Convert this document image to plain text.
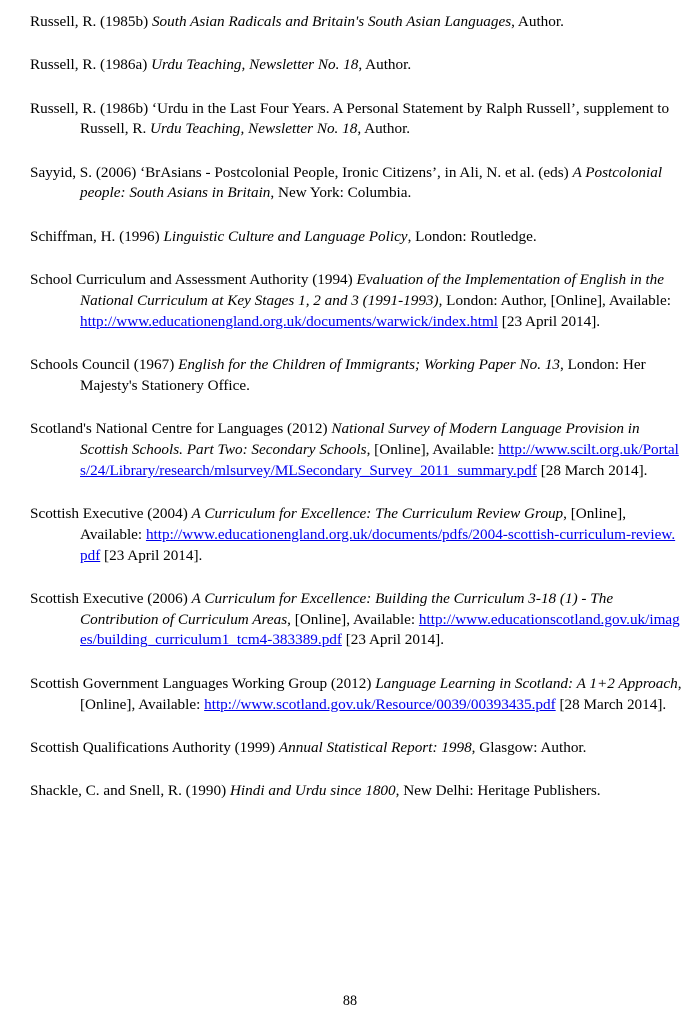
Russell, R. (1985b) South Asian Radicals and Britain's South Asian Languages, Author.

Russell, R. (1986a) Urdu Teaching, Newsletter No. 18, Author.

Russell, R. (1986b) ‘Urdu in the Last Four Years. A Personal Statement by Ralph Russell’, supplement to Russell, R. Urdu Teaching, Newsletter No. 18, Author.

Sayyid, S. (2006) ‘BrAsians - Postcolonial People, Ironic Citizens’, in Ali, N. et al. (eds) A Postcolonial people: South Asians in Britain, New York: Columbia.

Schiffman, H. (1996) Linguistic Culture and Language Policy, London: Routledge.

School Curriculum and Assessment Authority (1994) Evaluation of the Implementation of English in the National Curriculum at Key Stages 1, 2 and 3 (1991-1993), London: Author, [Online], Available: http://www.educationengland.org.uk/documents/warwick/index.html [23 April 2014].

Schools Council (1967) English for the Children of Immigrants; Working Paper No. 13, London: Her Majesty's Stationery Office.

Scotland's National Centre for Languages (2012) National Survey of Modern Language Provision in Scottish Schools. Part Two: Secondary Schools, [Online], Available: http://www.scilt.org.uk/Portals/24/Library/research/mlsurvey/MLSecondary_Survey_2011_summary.pdf [28 March 2014].

Scottish Executive (2004) A Curriculum for Excellence: The Curriculum Review Group, [Online], Available: http://www.educationengland.org.uk/documents/pdfs/2004-scottish-curriculum-review.pdf [23 April 2014].

Scottish Executive (2006) A Curriculum for Excellence: Building the Curriculum 3-18 (1) - The Contribution of Curriculum Areas, [Online], Available: http://www.educationscotland.gov.uk/images/building_curriculum1_tcm4-383389.pdf [23 April 2014].

Scottish Government Languages Working Group (2012) Language Learning in Scotland: A 1+2 Approach, [Online], Available: http://www.scotland.gov.uk/Resource/0039/00393435.pdf [28 March 2014].

Scottish Qualifications Authority (1999) Annual Statistical Report: 1998, Glasgow: Author.

Shackle, C. and Snell, R. (1990) Hindi and Urdu since 1800, New Delhi: Heritage Publishers.

88
